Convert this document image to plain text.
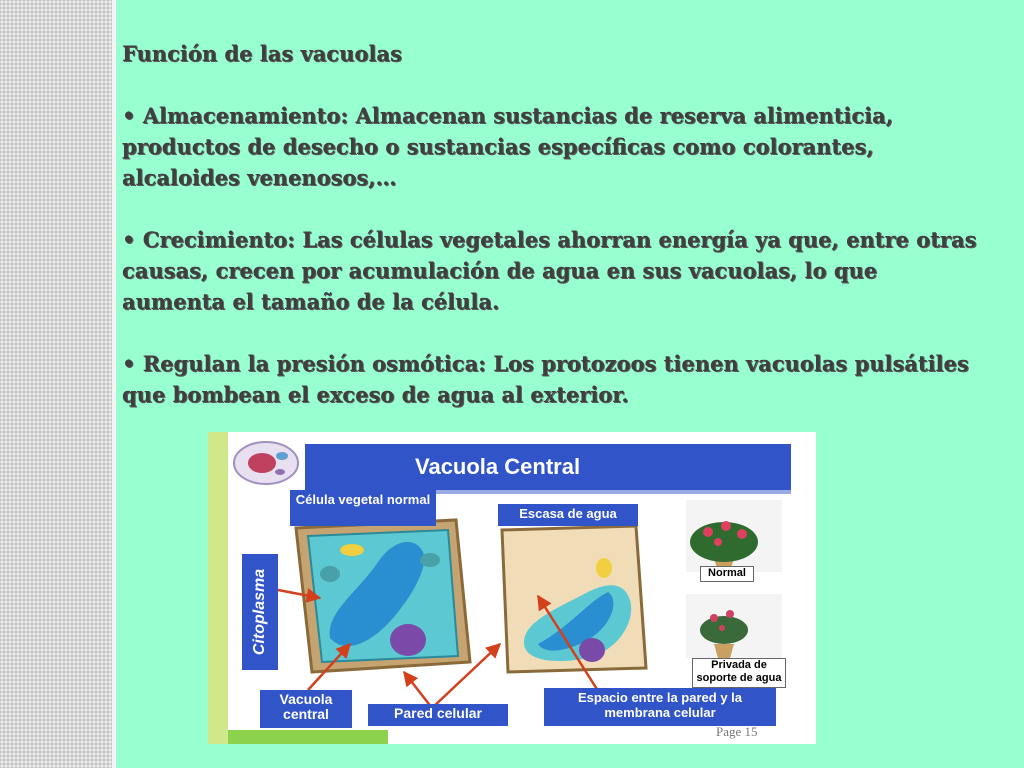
Función de las vacuolas

• Almacenamiento: Almacenan sustancias de reserva alimenticia, productos de desecho o sustancias específicas como colorantes, alcaloides venenosos,…

• Crecimiento: Las células vegetales ahorran energía ya que, entre otras causas, crecen por acumulación de agua en sus vacuolas, lo que aumenta el tamaño de la célula.

• Regulan la presión osmótica: Los protozoos tienen vacuolas pulsátiles que bombean el exceso de agua al exterior.

Vacuola Central
Célula vegetal normal
Escasa de agua
Citoplasma
Vacuola central	Pared celular
Espacio entre la pared y la membrana celular
Normal
Privada de soporte de agua
Page 15
